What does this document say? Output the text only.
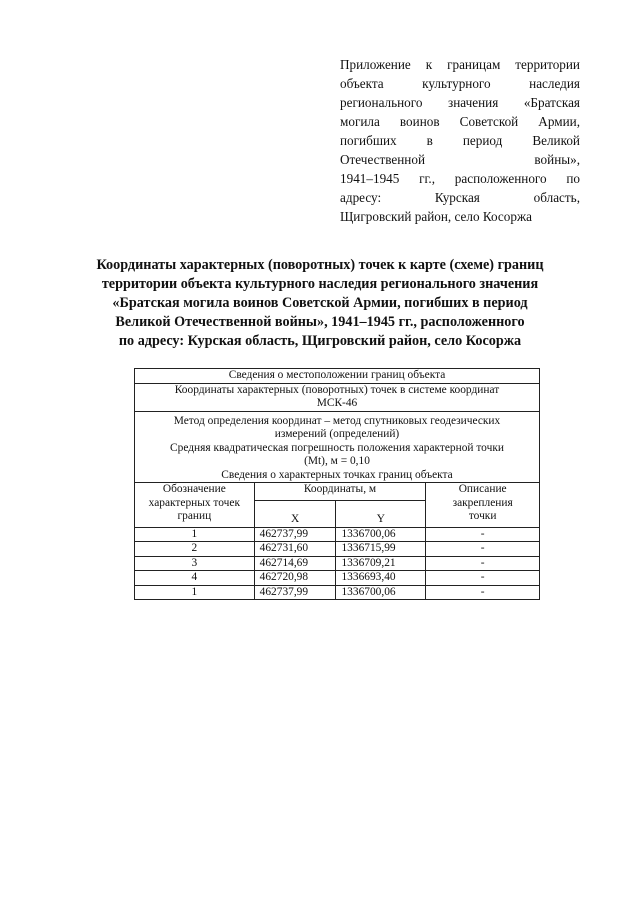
Приложение к границам территории
объекта культурного наследия
регионального значения «Братская
могила воинов Советской Армии,
погибших в период Великой
Отечественной войны»,
1941–1945 гг., расположенного по
адресу: Курская область,
Щигровский район, село Косоржа
Координаты характерных (поворотных) точек к карте (схеме) границ
территории объекта культурного наследия регионального значения
«Братская могила воинов Советской Армии, погибших в период
Великой Отечественной войны», 1941–1945 гг., расположенного
по адресу: Курская область, Щигровский район, село Косоржа
Сведения о местоположении границ объекта			

Координаты характерных (поворотных) точек в системе координат
МСК-46			

Метод определения координат – метод спутниковых геодезических
измерений (определений)
Средняя квадратическая погрешность положения характерной точки
(Mt), м = 0,10
Сведения о характерных точках границ объекта			

Обозначение
характерных точек
границ	Координаты, м		Описание
закрепления
точки

	X	Y	
1	462737,99	1336700,06	-
2	462731,60	1336715,99	-
3	462714,69	1336709,21	-
4	462720,98	1336693,40	-
1	462737,99	1336700,06	-
